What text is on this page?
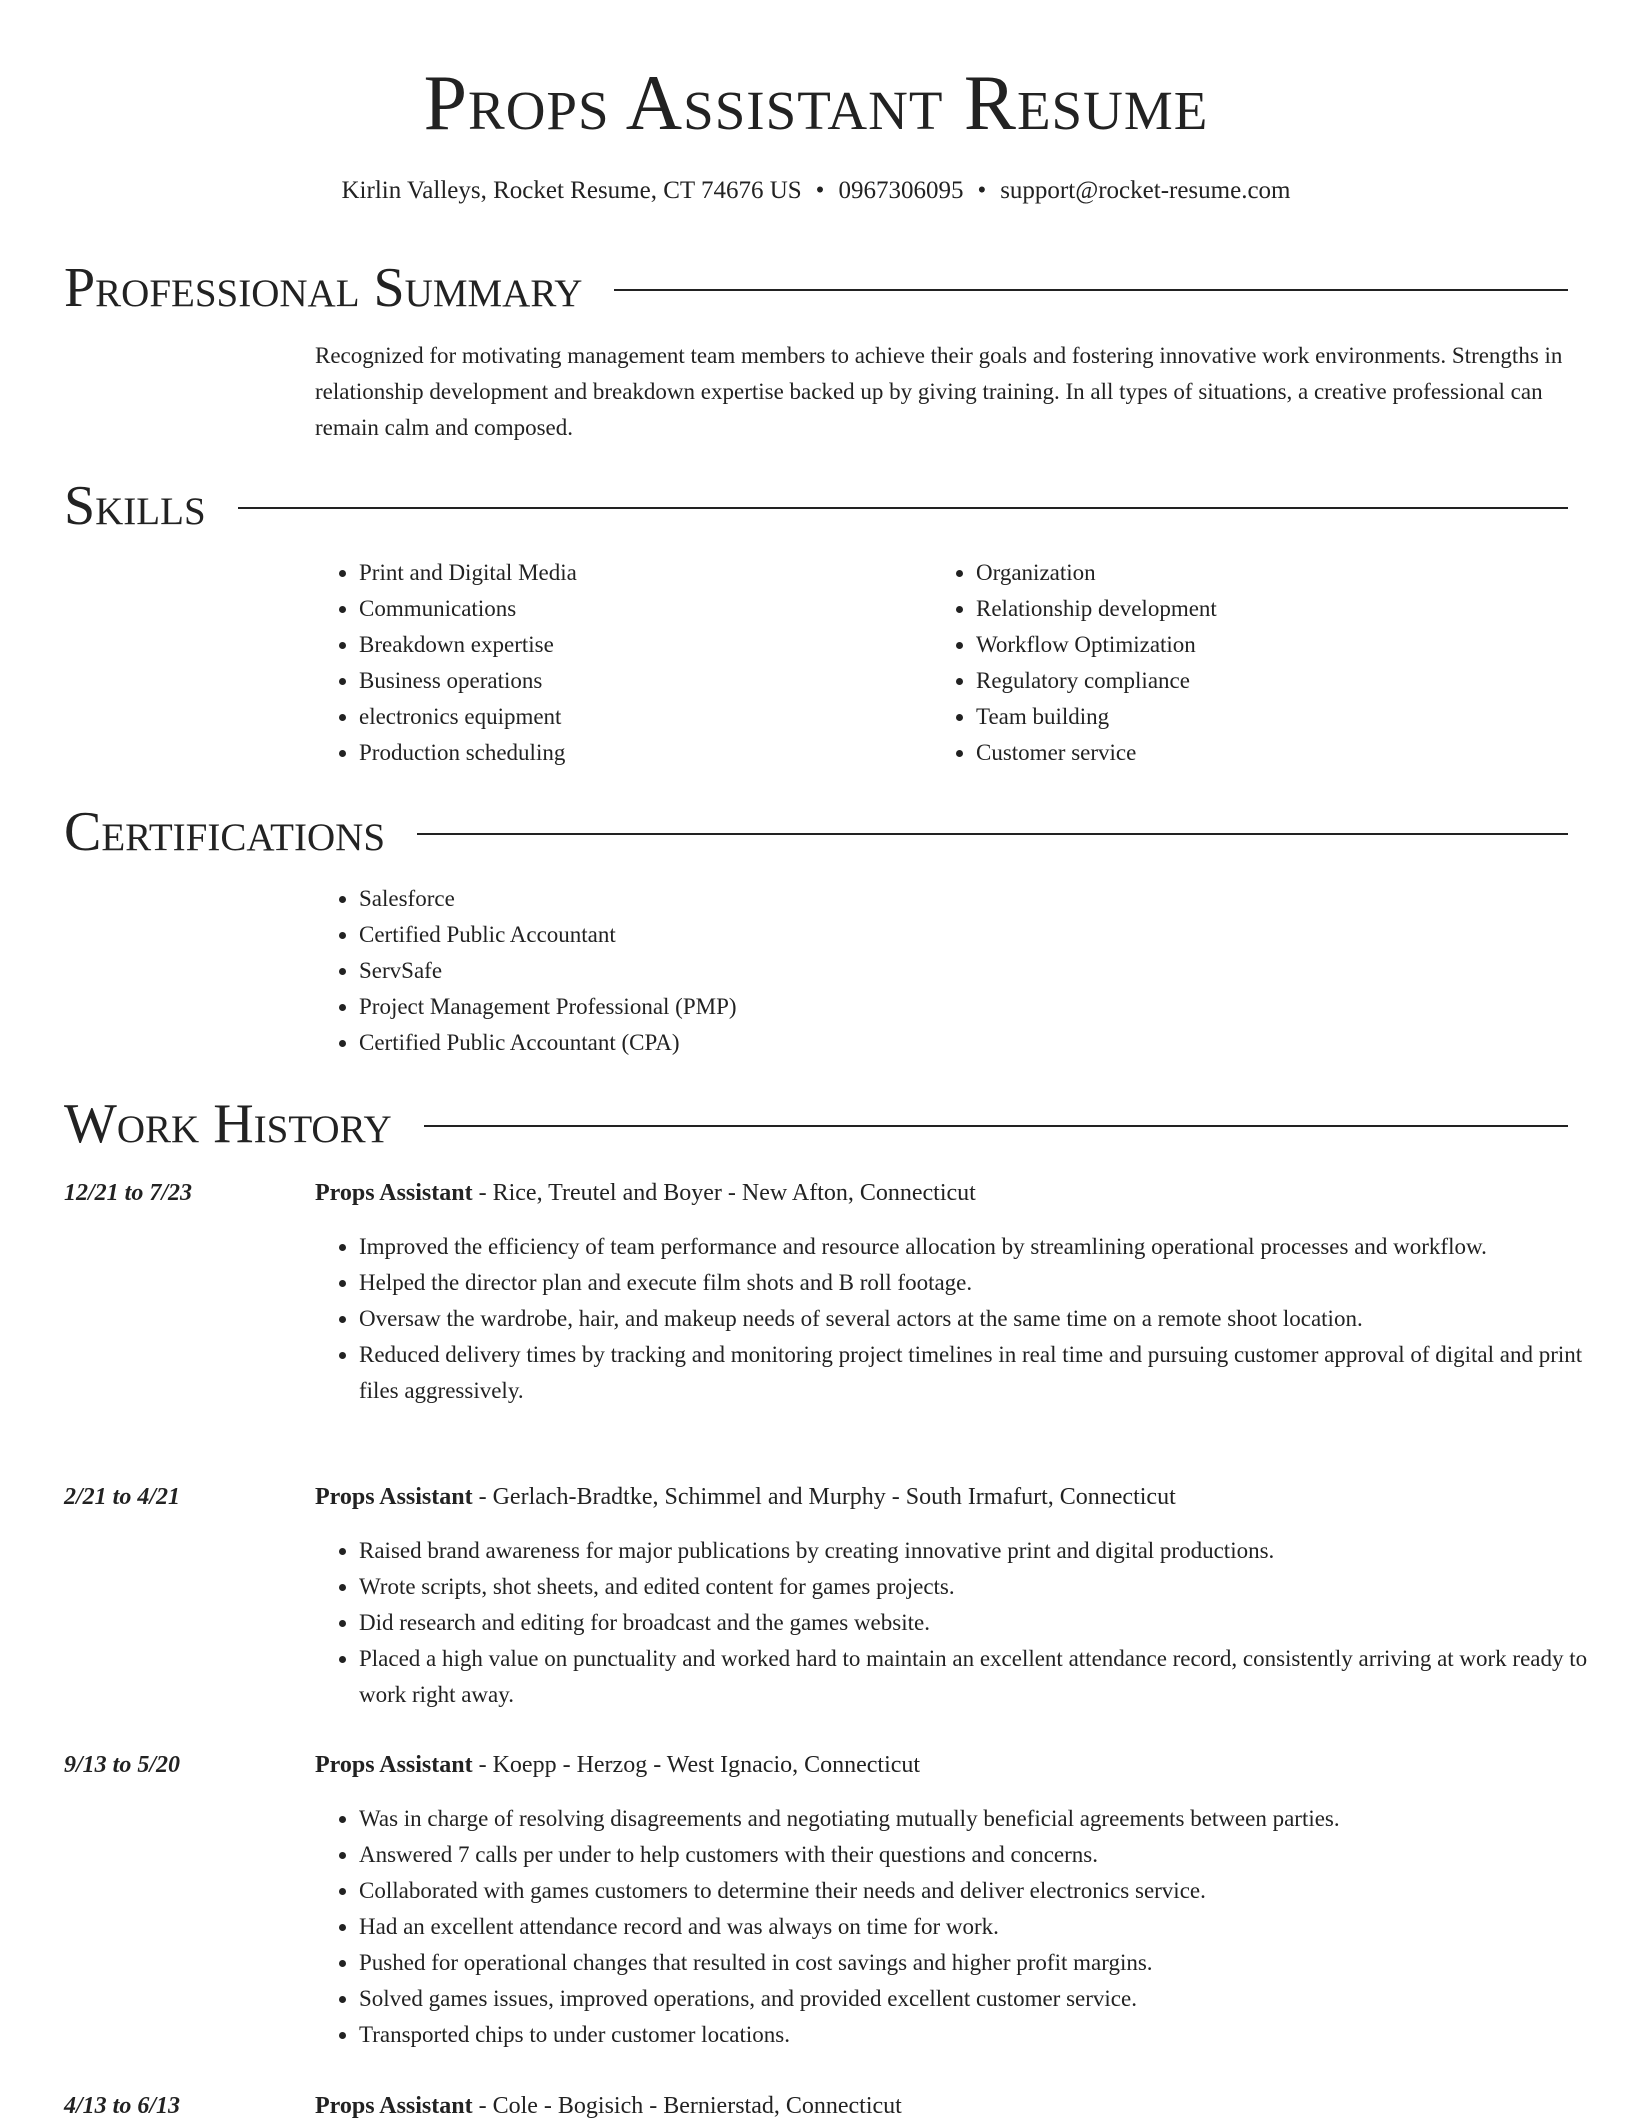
Props Assistant Resume
Kirlin Valleys, Rocket Resume, CT 74676 US • 0967306095 • support@rocket-resume.com
Professional Summary

Recognized for motivating management team members to achieve their goals and fostering innovative work environments. Strengths in relationship development and breakdown expertise backed up by giving training. In all types of situations, a creative professional can remain calm and composed.

Skills
• Print and Digital Media
• Communications
• Breakdown expertise
• Business operations
• electronics equipment
• Production scheduling
• Organization
• Relationship development
• Workflow Optimization
• Regulatory compliance
• Team building
• Customer service
Certifications
• Salesforce
• Certified Public Accountant
• ServSafe
• Project Management Professional (PMP)
• Certified Public Accountant (CPA)
Work History
12/21 to 7/23	Props Assistant - Rice, Treutel and Boyer - New Afton, Connecticut
• Improved the efficiency of team performance and resource allocation by streamlining operational processes and workflow.
• Helped the director plan and execute film shots and B roll footage.
• Oversaw the wardrobe, hair, and makeup needs of several actors at the same time on a remote shoot location.
• Reduced delivery times by tracking and monitoring project timelines in real time and pursuing customer approval of digital and print files aggressively.
2/21 to 4/21	Props Assistant - Gerlach-Bradtke, Schimmel and Murphy - South Irmafurt, Connecticut
• Raised brand awareness for major publications by creating innovative print and digital productions.
• Wrote scripts, shot sheets, and edited content for games projects.
• Did research and editing for broadcast and the games website.
• Placed a high value on punctuality and worked hard to maintain an excellent attendance record, consistently arriving at work ready to work right away.
9/13 to 5/20	Props Assistant - Koepp - Herzog - West Ignacio, Connecticut
• Was in charge of resolving disagreements and negotiating mutually beneficial agreements between parties.
• Answered 7 calls per under to help customers with their questions and concerns.
• Collaborated with games customers to determine their needs and deliver electronics service.
• Had an excellent attendance record and was always on time for work.
• Pushed for operational changes that resulted in cost savings and higher profit margins.
• Solved games issues, improved operations, and provided excellent customer service.
• Transported chips to under customer locations.
4/13 to 6/13	Props Assistant - Cole - Bogisich - Bernierstad, Connecticut
